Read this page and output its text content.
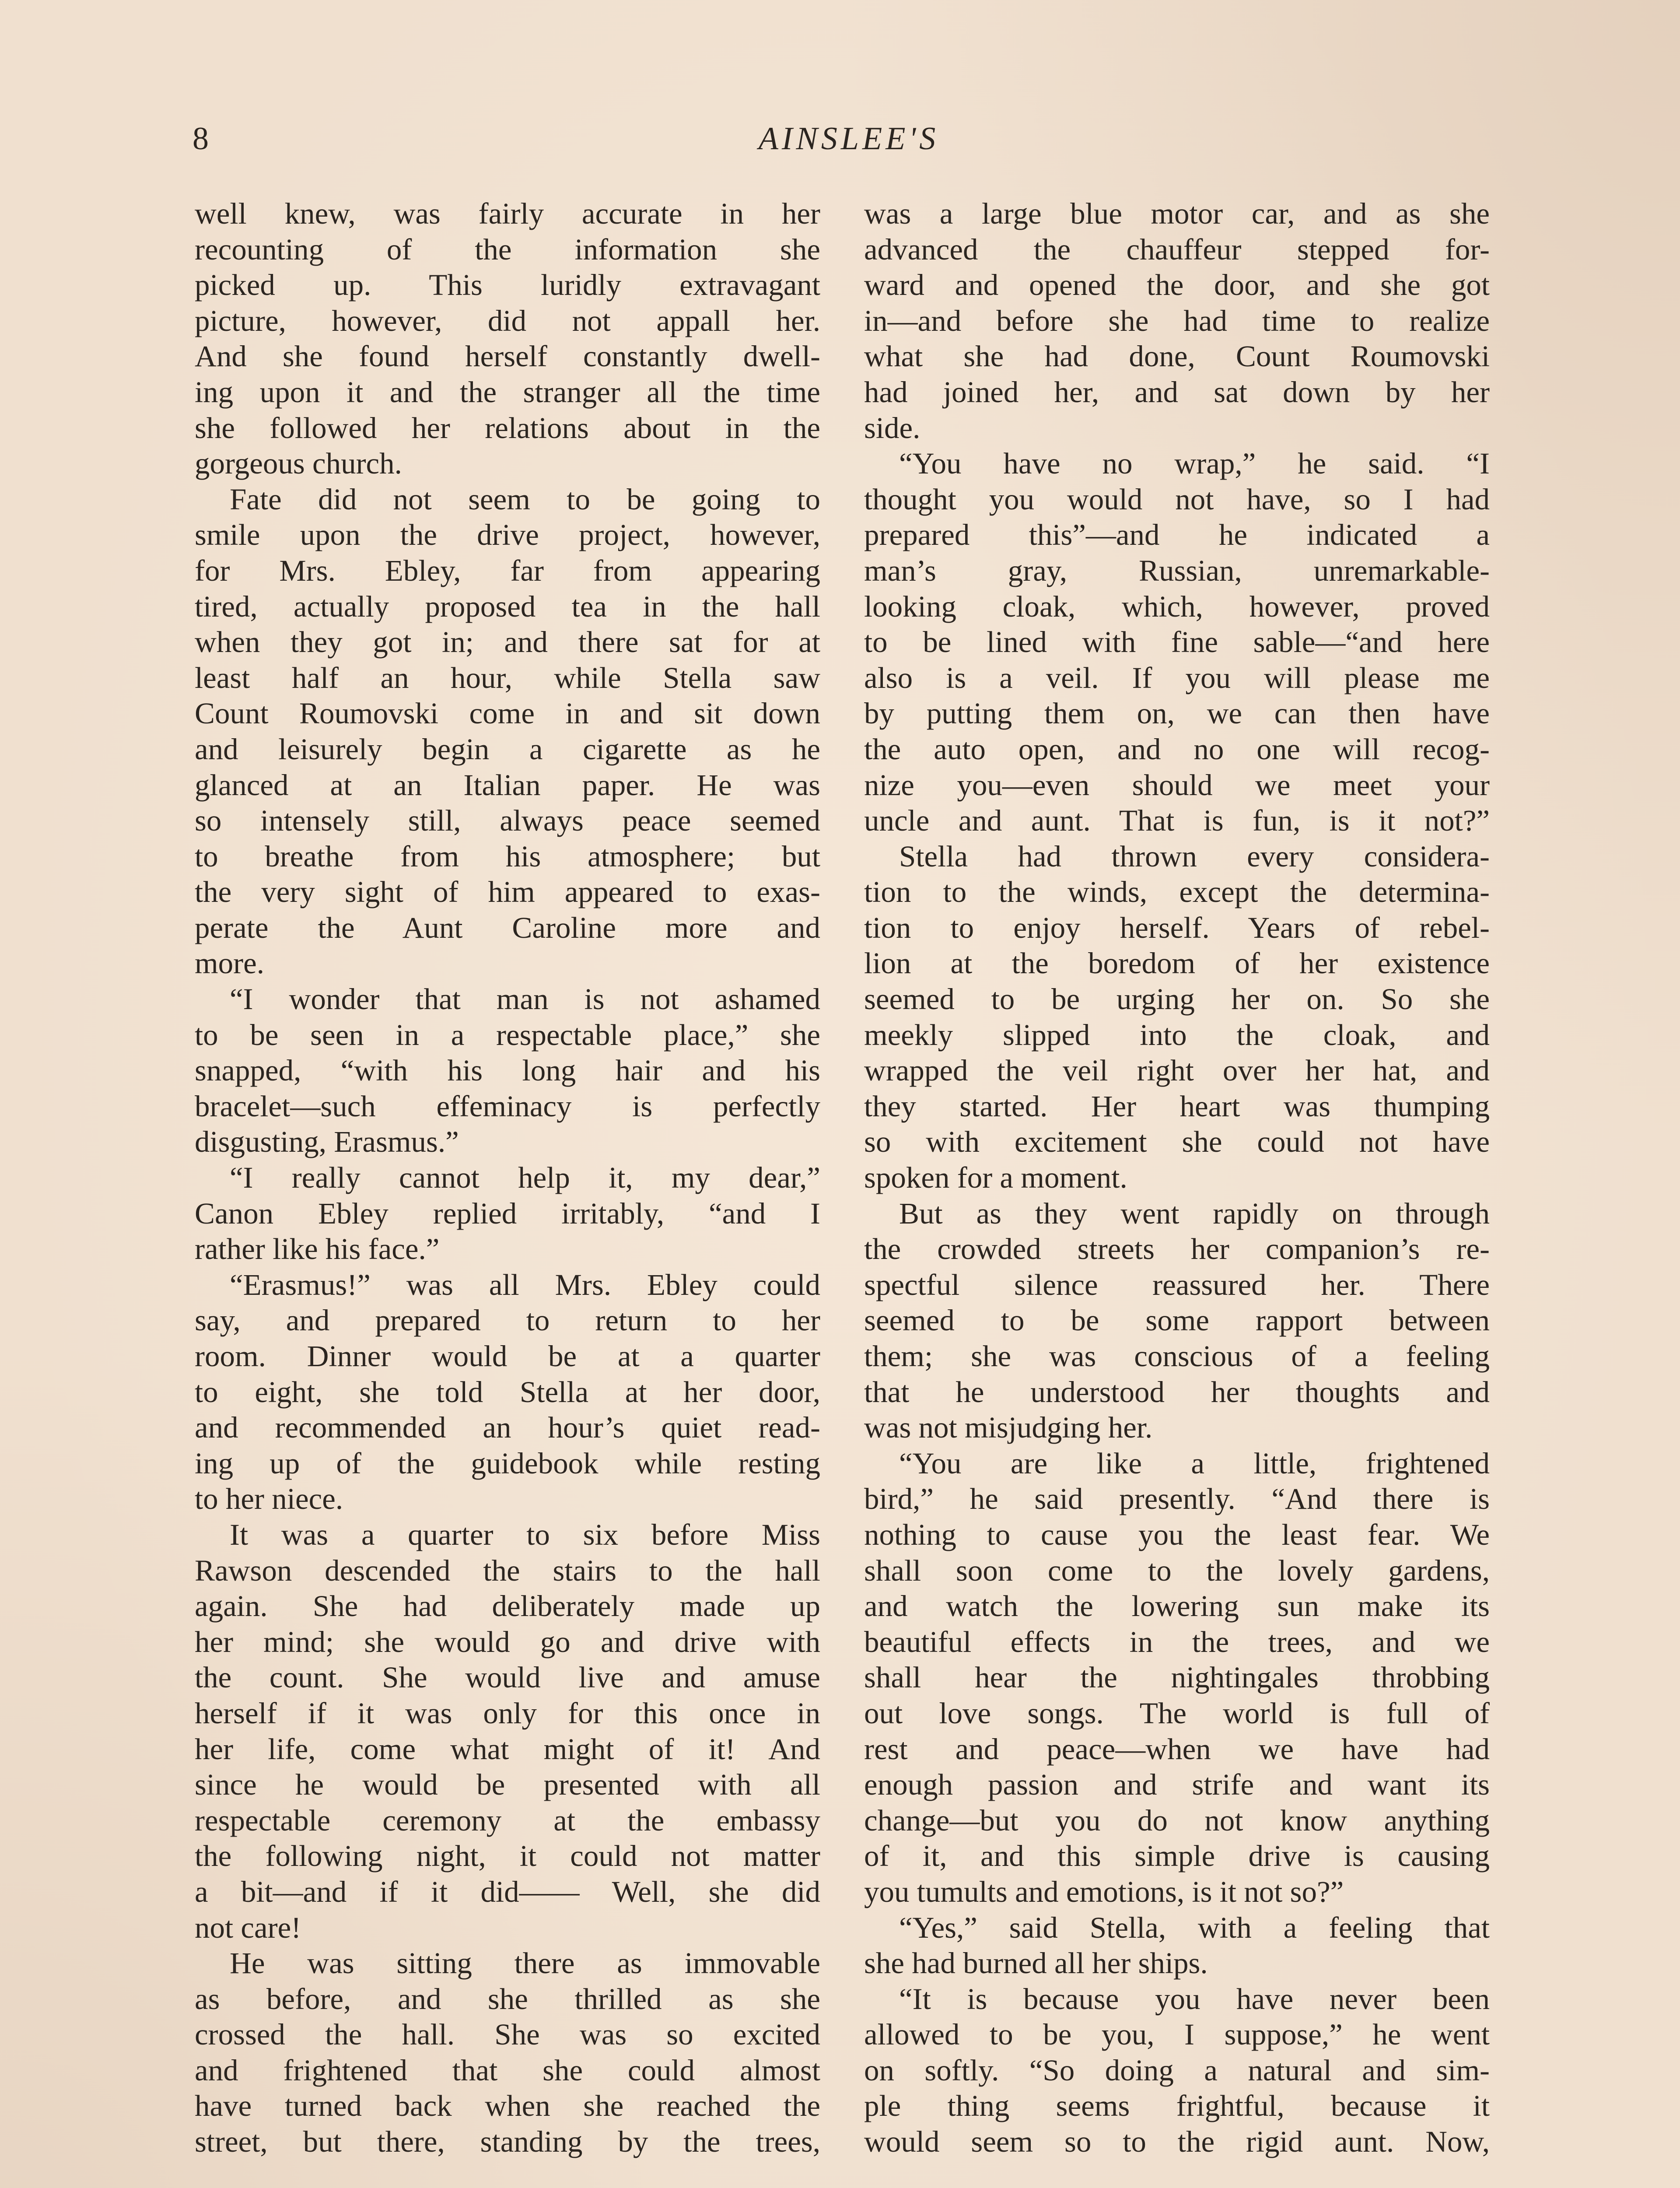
8	AINSLEE'S
well knew, was fairly accurate in her
recounting of the information she
picked up. This luridly extravagant
picture, however, did not appall her.
And she found herself constantly dwell-
ing upon it and the stranger all the time
she followed her relations about in the
gorgeous church.
Fate did not seem to be going to
smile upon the drive project, however,
for Mrs. Ebley, far from appearing
tired, actually proposed tea in the hall
when they got in; and there sat for at
least half an hour, while Stella saw
Count Roumovski come in and sit down
and leisurely begin a cigarette as he
glanced at an Italian paper. He was
so intensely still, always peace seemed
to breathe from his atmosphere; but
the very sight of him appeared to exas-
perate the Aunt Caroline more and
more.
“I wonder that man is not ashamed
to be seen in a respectable place,” she
snapped, “with his long hair and his
bracelet—such effeminacy is perfectly
disgusting, Erasmus.”
“I really cannot help it, my dear,”
Canon Ebley replied irritably, “and I
rather like his face.”
“Erasmus!” was all Mrs. Ebley could
say, and prepared to return to her
room. Dinner would be at a quarter
to eight, she told Stella at her door,
and recommended an hour’s quiet read-
ing up of the guidebook while resting
to her niece.
It was a quarter to six before Miss
Rawson descended the stairs to the hall
again. She had deliberately made up
her mind; she would go and drive with
the count. She would live and amuse
herself if it was only for this once in
her life, come what might of it! And
since he would be presented with all
respectable ceremony at the embassy
the following night, it could not matter
a bit—and if it did—— Well, she did
not care!
He was sitting there as immovable
as before, and she thrilled as she
crossed the hall. She was so excited
and frightened that she could almost
have turned back when she reached the
street, but there, standing by the trees,
was a large blue motor car, and as she
advanced the chauffeur stepped for-
ward and opened the door, and she got
in—and before she had time to realize
what she had done, Count Roumovski
had joined her, and sat down by her
side.
“You have no wrap,” he said. “I
thought you would not have, so I had
prepared this”—and he indicated a
man’s gray, Russian, unremarkable-
looking cloak, which, however, proved
to be lined with fine sable—“and here
also is a veil. If you will please me
by putting them on, we can then have
the auto open, and no one will recog-
nize you—even should we meet your
uncle and aunt. That is fun, is it not?”
Stella had thrown every considera-
tion to the winds, except the determina-
tion to enjoy herself. Years of rebel-
lion at the boredom of her existence
seemed to be urging her on. So she
meekly slipped into the cloak, and
wrapped the veil right over her hat, and
they started. Her heart was thumping
so with excitement she could not have
spoken for a moment.
But as they went rapidly on through
the crowded streets her companion’s re-
spectful silence reassured her. There
seemed to be some rapport between
them; she was conscious of a feeling
that he understood her thoughts and
was not misjudging her.
“You are like a little, frightened
bird,” he said presently. “And there is
nothing to cause you the least fear. We
shall soon come to the lovely gardens,
and watch the lowering sun make its
beautiful effects in the trees, and we
shall hear the nightingales throbbing
out love songs. The world is full of
rest and peace—when we have had
enough passion and strife and want its
change—but you do not know anything
of it, and this simple drive is causing
you tumults and emotions, is it not so?”
“Yes,” said Stella, with a feeling that
she had burned all her ships.
“It is because you have never been
allowed to be you, I suppose,” he went
on softly. “So doing a natural and sim-
ple thing seems frightful, because it
would seem so to the rigid aunt. Now,
